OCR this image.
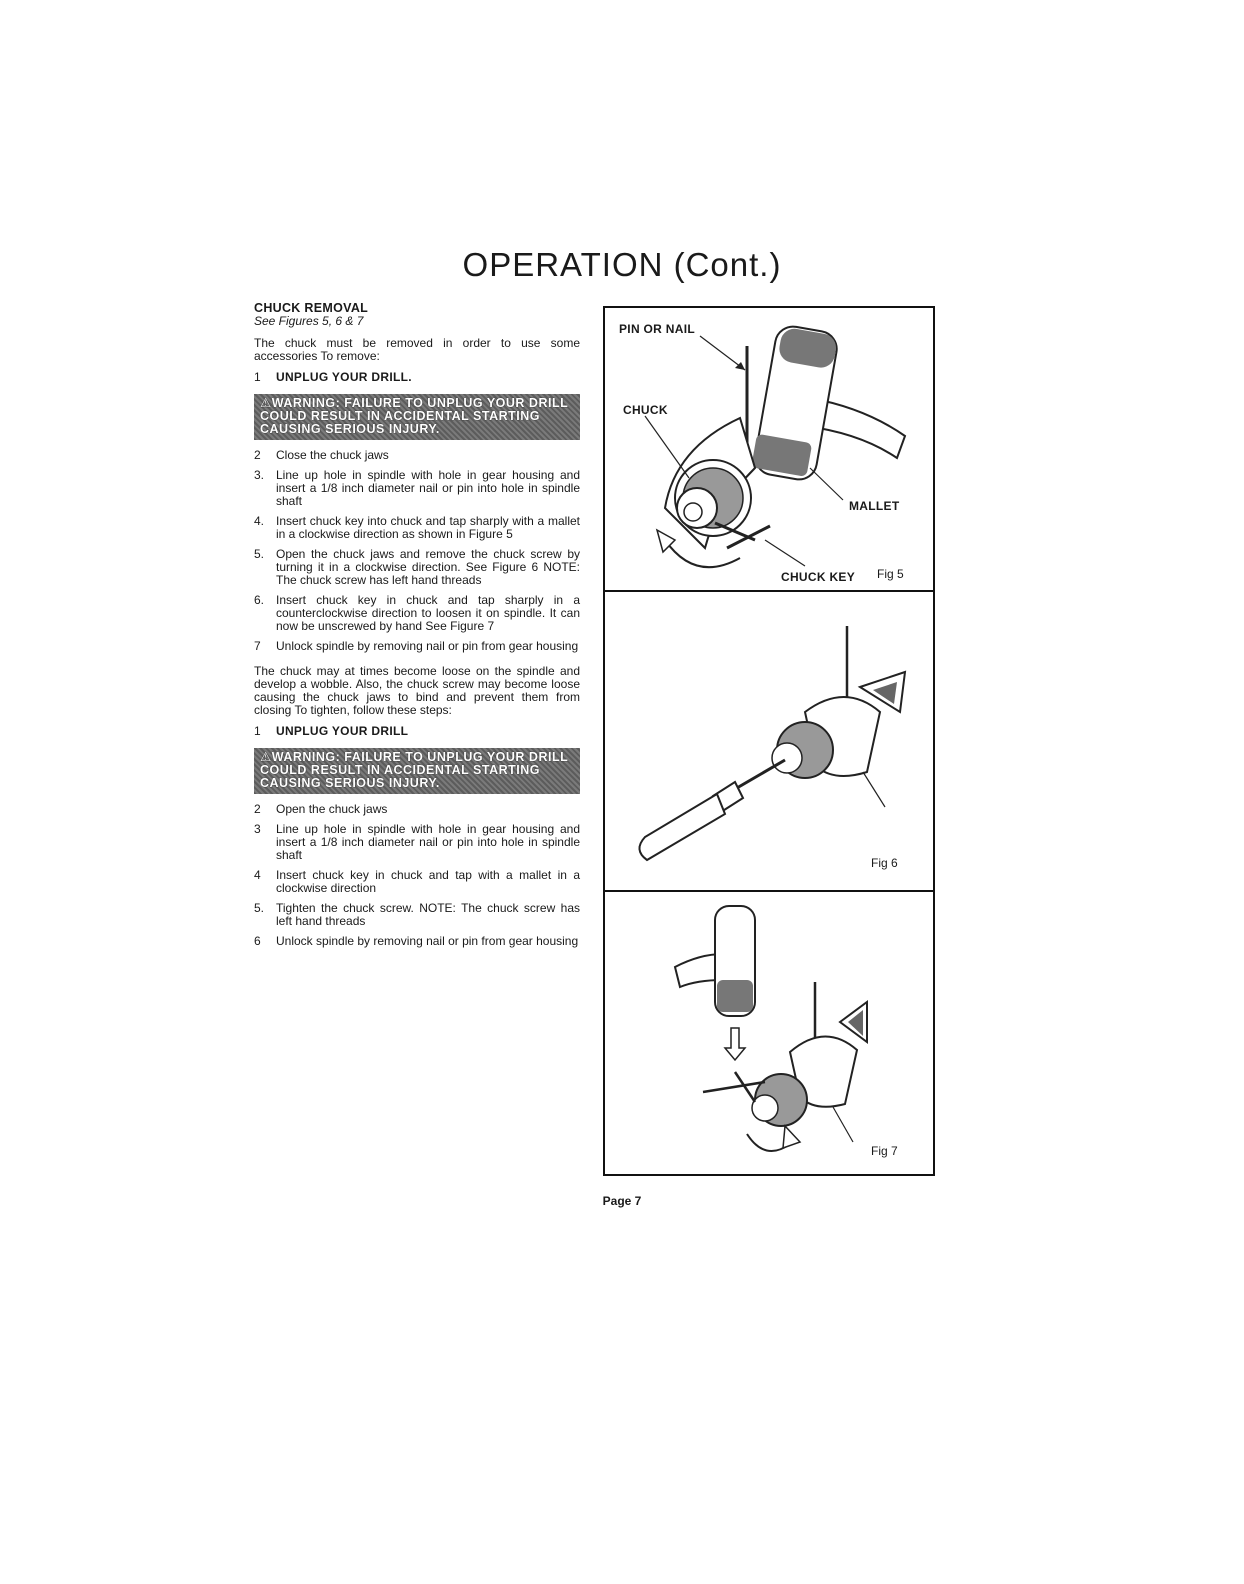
OPERATION (Cont.)
CHUCK REMOVAL
See Figures 5, 6 & 7

The chuck must be removed in order to use some accessories To remove:

1	UNPLUG YOUR DRILL.
⚠WARNING: FAILURE TO UNPLUG YOUR DRILL COULD RESULT IN ACCIDENTAL STARTING CAUSING SERIOUS INJURY.
2	Close the chuck jaws
3. Line up hole in spindle with hole in gear housing and insert a 1/8 inch diameter nail or pin into hole in spindle shaft
4. Insert chuck key into chuck and tap sharply with a mallet in a clockwise direction as shown in Figure 5
5. Open the chuck jaws and remove the chuck screw by turning it in a clockwise direction. See Figure 6 NOTE: The chuck screw has left hand threads
6. Insert chuck key in chuck and tap sharply in a counterclockwise direction to loosen it on spindle. It can now be unscrewed by hand See Figure 7
7	Unlock spindle by removing nail or pin from gear housing

The chuck may at times become loose on the spindle and develop a wobble. Also, the chuck screw may become loose causing the chuck jaws to bind and prevent them from closing To tighten, follow these steps:

1	UNPLUG YOUR DRILL
⚠WARNING: FAILURE TO UNPLUG YOUR DRILL COULD RESULT IN ACCIDENTAL STARTING CAUSING SERIOUS INJURY.
2	Open the chuck jaws
3	Line up hole in spindle with hole in gear housing and insert a 1/8 inch diameter nail or pin into hole in spindle shaft
4	Insert chuck key in chuck and tap with a mallet in a clockwise direction
5. Tighten the chuck screw. NOTE: The chuck screw has left hand threads
6	Unlock spindle by removing nail or pin from gear housing
PIN OR NAIL
CHUCK
MALLET
CHUCK KEY Fig 5
Fig 6
Fig 7
Page 7
